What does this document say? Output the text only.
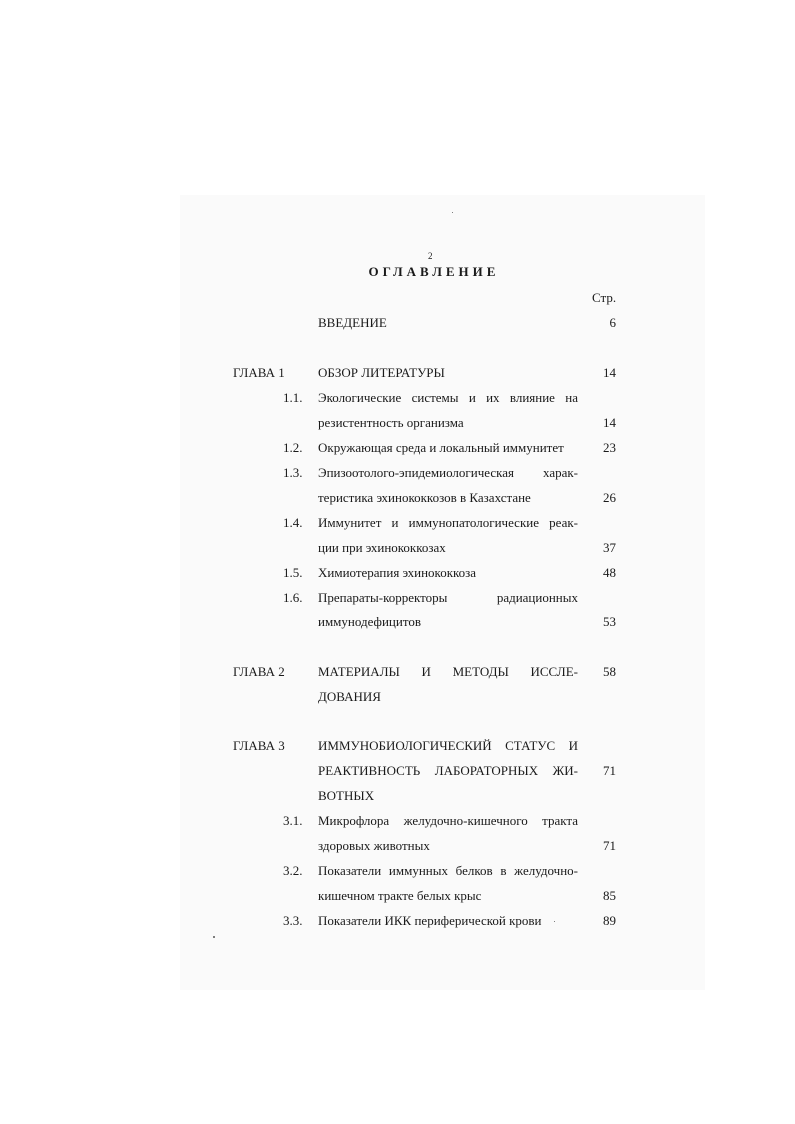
2
ОГЛАВЛЕНИЕ
Стр.
ВВЕДЕНИЕ	6
ГЛАВА 1	ОБЗОР ЛИТЕРАТУРЫ	14
1.1. Экологические системы и их влияние на
резистентность организма	14
1.2. Окружающая среда и локальный иммунитет	23
1.3. Эпизоотолого-эпидемиологическая харак-
теристика эхинококкозов в Казахстане	26
1.4. Иммунитет и иммунопатологические реак-
ции при эхинококкозах	37
1.5. Химиотерапия эхинококкоза	48
1.6. Препараты-корректоры радиационных
иммунодефицитов	53
ГЛАВА 2	МАТЕРИАЛЫ И МЕТОДЫ ИССЛЕ-	58
ДОВАНИЯ
ГЛАВА 3	ИММУНОБИОЛОГИЧЕСКИЙ СТАТУС И
РЕАКТИВНОСТЬ ЛАБОРАТОРНЫХ ЖИ-	71
ВОТНЫХ
3.1. Микрофлора желудочно-кишечного тракта
здоровых животных	71
3.2. Показатели иммунных белков в желудочно-
кишечном тракте белых крыс	85
3.3. Показатели ИКК периферической крови	89
